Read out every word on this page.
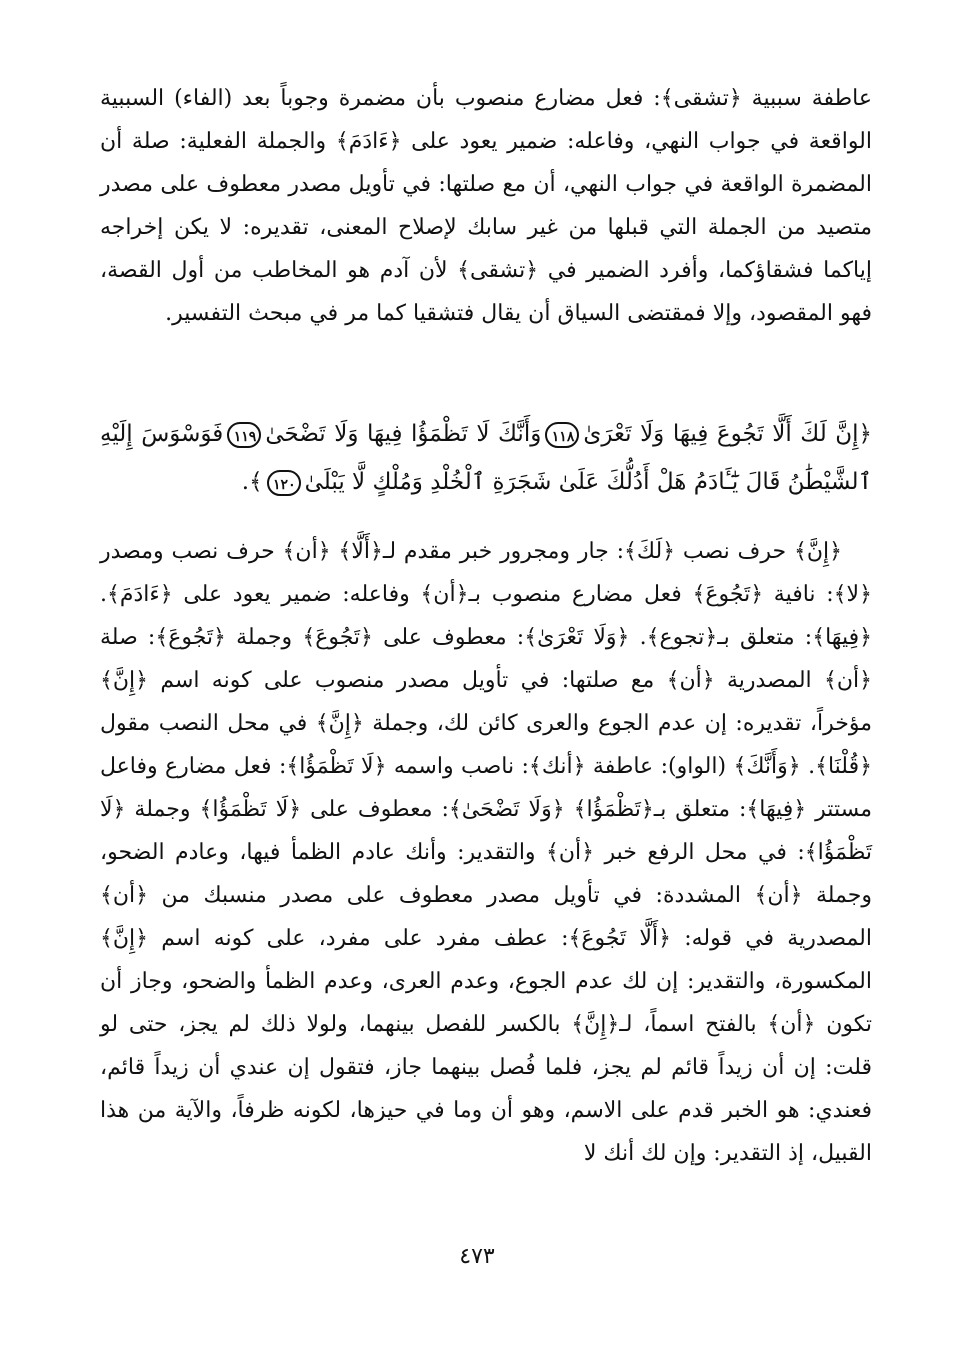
عاطفة سببية ﴿تشقى﴾: فعل مضارع منصوب بأن مضمرة وجوباً بعد (الفاء) السببية الواقعة في جواب النهي، وفاعله: ضمير يعود على ﴿ءَادَمَ﴾ والجملة الفعلية: صلة أن المضمرة الواقعة في جواب النهي، أن مع صلتها: في تأويل مصدر معطوف على مصدر متصيد من الجملة التي قبلها من غير سابك لإصلاح المعنى، تقديره: لا يكن إخراجه إياكما فشقاؤكما، وأفرد الضمير في ﴿تشقى﴾ لأن آدم هو المخاطب من أول القصة، فهو المقصود، وإلا فمقتضى السياق أن يقال فتشقيا كما مر في مبحث التفسير.

﴿إِنَّ لَكَ أَلَّا تَجُوعَ فِيهَا وَلَا تَعْرَىٰ١١٨وَأَنَّكَ لَا تَظْمَؤُا فِيهَا وَلَا تَضْحَىٰ١١٩فَوَسْوَسَ إِلَيْهِ ٱلشَّيْطَٰنُ قَالَ يَٰٓـَٔادَمُ هَلْ أَدُلُّكَ عَلَىٰ شَجَرَةِ ٱلْخُلْدِ وَمُلْكٍ لَّا يَبْلَىٰ١٢٠﴾.

﴿إِنَّ﴾ حرف نصب ﴿لَكَ﴾: جار ومجرور خبر مقدم لـ﴿أَلَّا﴾ ﴿أن﴾ حرف نصب ومصدر ﴿لا﴾: نافية ﴿تَجُوعَ﴾ فعل مضارع منصوب بـ﴿أن﴾ وفاعله: ضمير يعود على ﴿ءَادَمَ﴾. ﴿فِيهَا﴾: متعلق بـ﴿تجوع﴾. ﴿وَلَا تَعْرَىٰ﴾: معطوف على ﴿تَجُوعَ﴾ وجملة ﴿تَجُوعَ﴾: صلة ﴿أن﴾ المصدرية ﴿أن﴾ مع صلتها: في تأويل مصدر منصوب على كونه اسم ﴿إِنَّ﴾ مؤخراً، تقديره: إن عدم الجوع والعرى كائن لك، وجملة ﴿إِنَّ﴾ في محل النصب مقول ﴿قُلْنَا﴾. ﴿وَأَنَّكَ﴾ (الواو): عاطفة ﴿أنك﴾: ناصب واسمه ﴿لَا تَظْمَؤُا﴾: فعل مضارع وفاعل مستتر ﴿فِيهَا﴾: متعلق بـ﴿تَظْمَؤُا﴾ ﴿وَلَا تَضْحَىٰ﴾: معطوف على ﴿لَا تَظْمَؤُا﴾ وجملة ﴿لَا تَظْمَؤُا﴾: في محل الرفع خبر ﴿أن﴾ والتقدير: وأنك عادم الظمأ فيها، وعادم الضحو، وجملة ﴿أن﴾ المشددة: في تأويل مصدر معطوف على مصدر منسبك من ﴿أن﴾ المصدرية في قوله: ﴿أَلَّا تَجُوعَ﴾: عطف مفرد على مفرد، على كونه اسم ﴿إِنَّ﴾ المكسورة، والتقدير: إن لك عدم الجوع، وعدم العرى، وعدم الظمأ والضحو، وجاز أن تكون ﴿أن﴾ بالفتح اسماً، لـ﴿إِنَّ﴾ بالكسر للفصل بينهما، ولولا ذلك لم يجز، حتى لو قلت: إن أن زيداً قائم لم يجز، فلما فُصل بينهما جاز، فتقول إن عندي أن زيداً قائم، فعندي: هو الخبر قدم على الاسم، وهو أن وما في حيزها، لكونه ظرفاً، والآية من هذا القبيل، إذ التقدير: وإن لك أنك لا

٤٧٣
